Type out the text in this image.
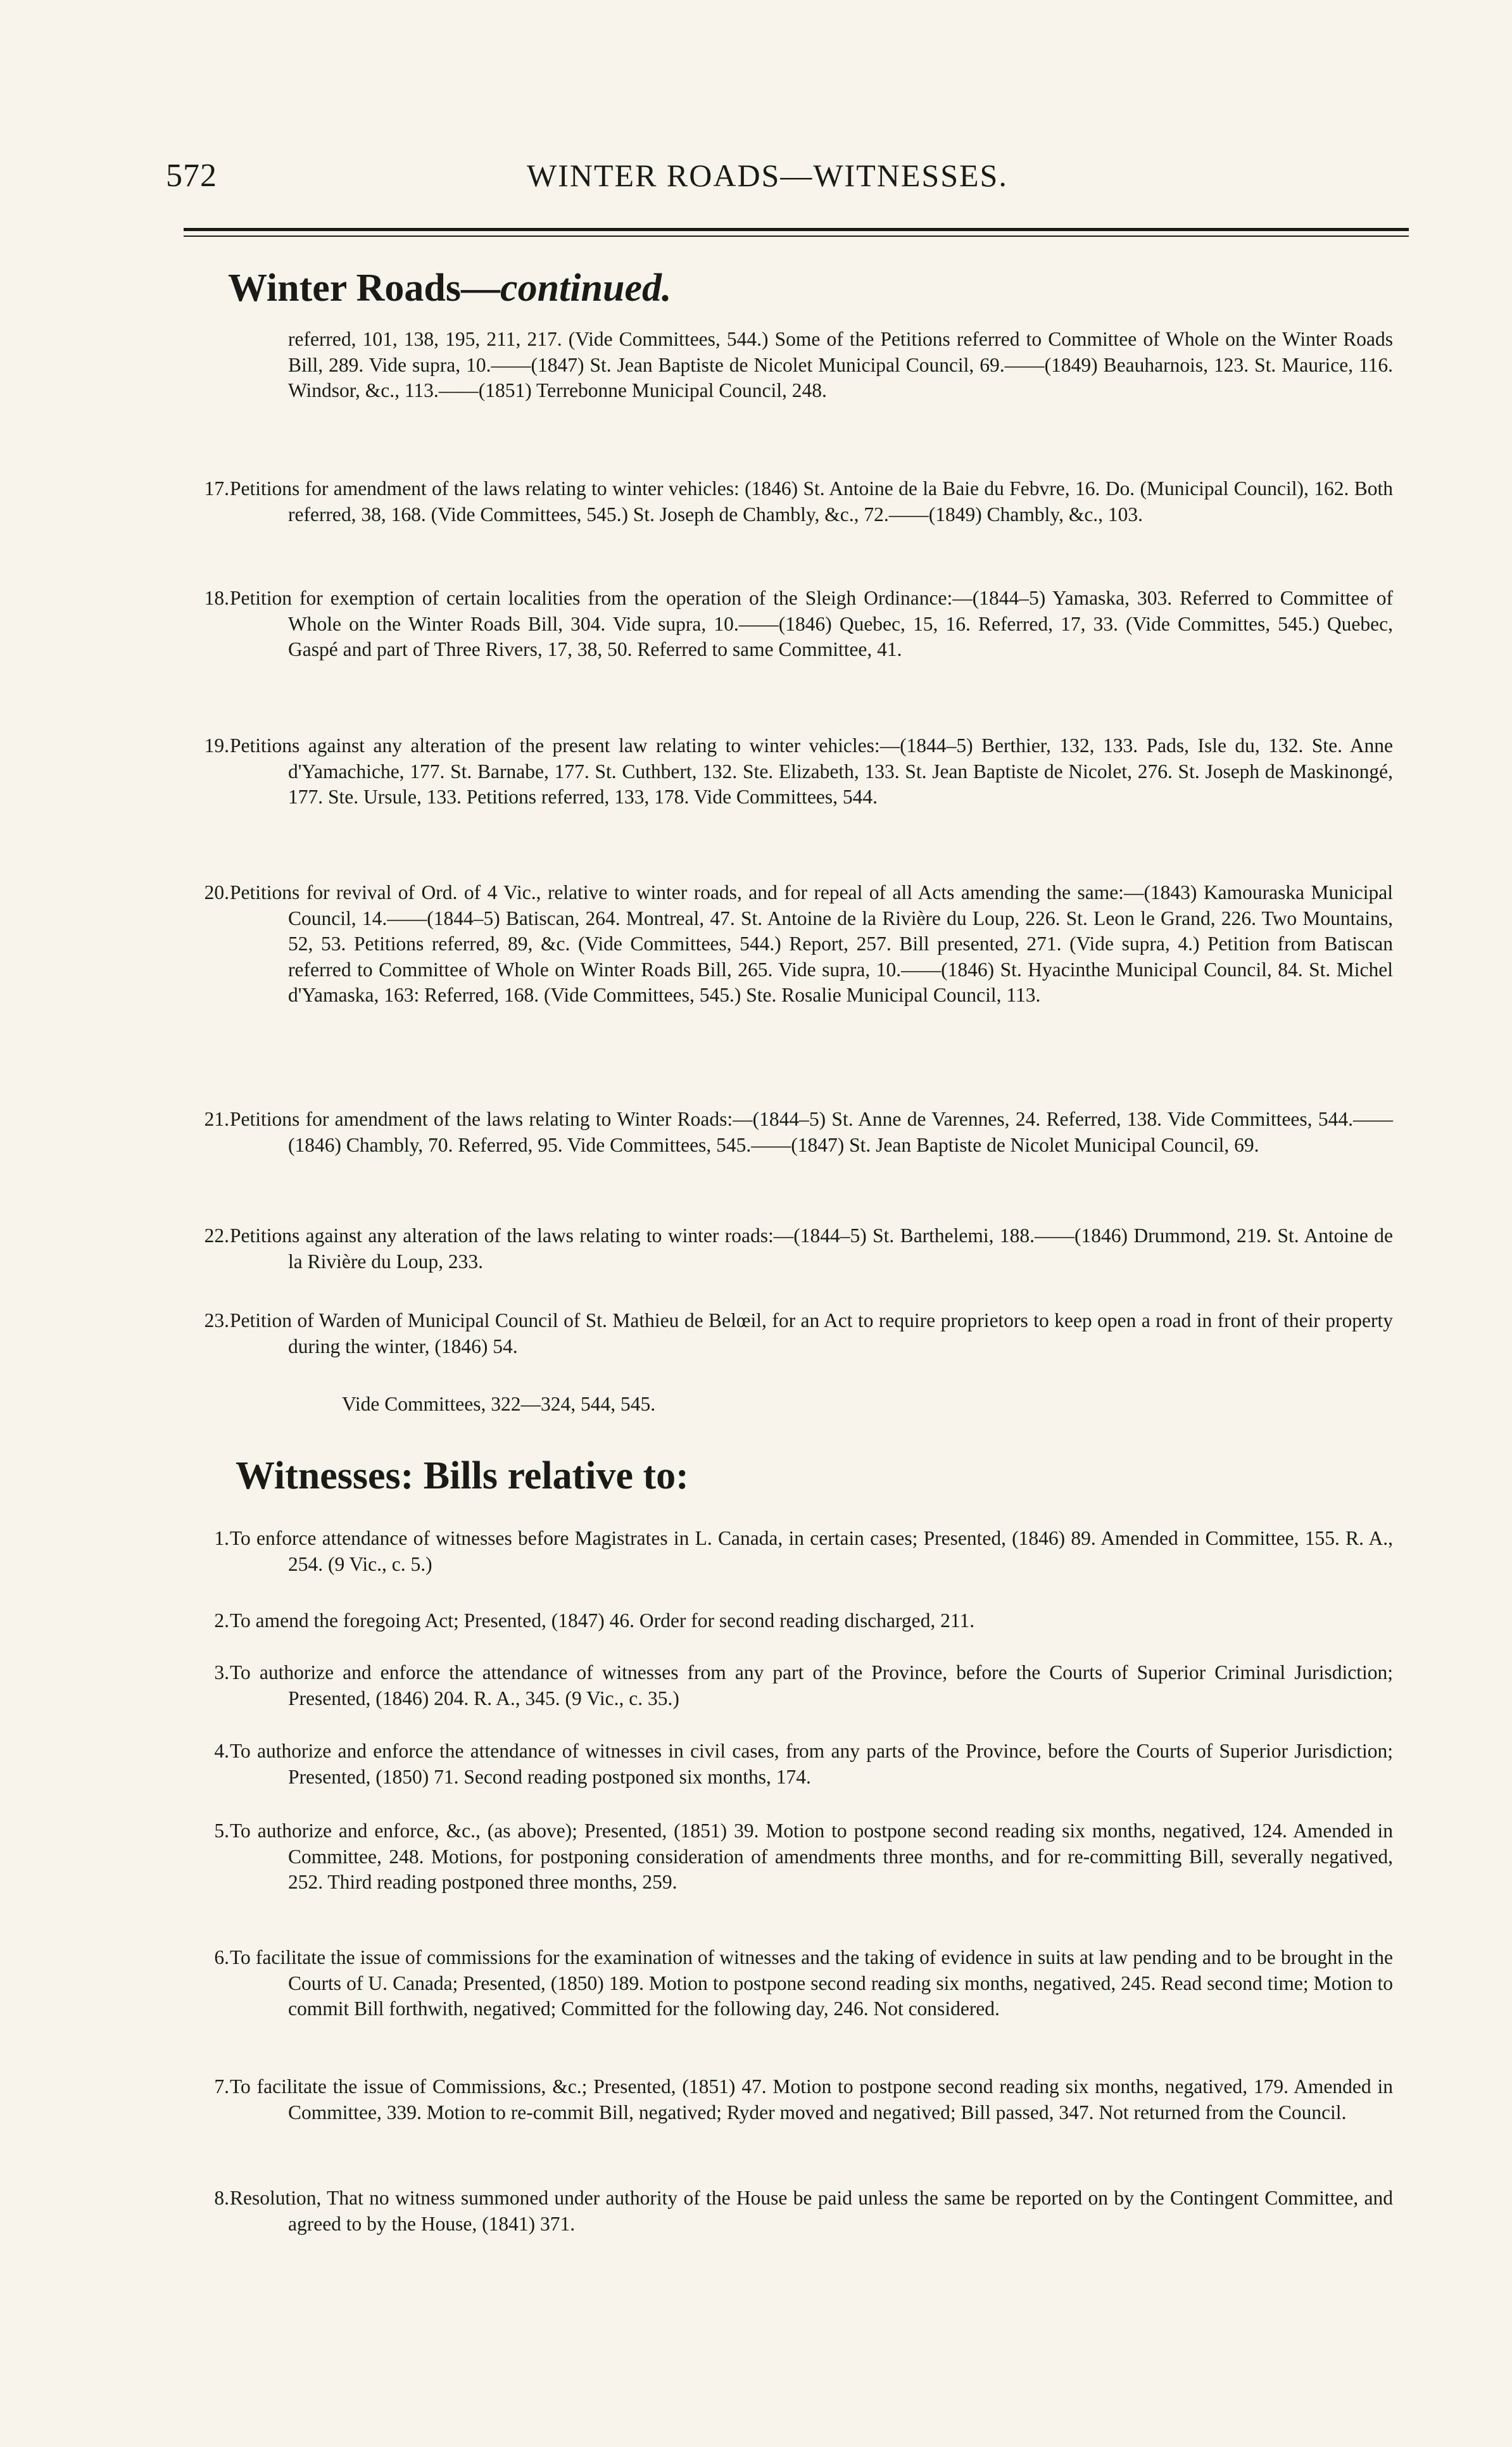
572	WINTER ROADS—WITNESSES.
Winter Roads—continued.
referred, 101, 138, 195, 211, 217. (Vide Committees, 544.) Some of the Petitions referred to Committee of Whole on the Winter Roads Bill, 289. Vide supra, 10.——(1847) St. Jean Baptiste de Nicolet Municipal Council, 69.——(1849) Beauharnois, 123. St. Maurice, 116. Windsor, &c., 113.——(1851) Terrebonne Municipal Council, 248.
17. Petitions for amendment of the laws relating to winter vehicles: (1846) St. Antoine de la Baie du Febvre, 16. Do. (Municipal Council), 162. Both referred, 38, 168. (Vide Committees, 545.) St. Joseph de Chambly, &c., 72.——(1849) Chambly, &c., 103.
18. Petition for exemption of certain localities from the operation of the Sleigh Ordinance:—(1844–5) Yamaska, 303. Referred to Committee of Whole on the Winter Roads Bill, 304. Vide supra, 10.——(1846) Quebec, 15, 16. Referred, 17, 33. (Vide Committes, 545.) Quebec, Gaspé and part of Three Rivers, 17, 38, 50. Referred to same Committee, 41.
19. Petitions against any alteration of the present law relating to winter vehicles:—(1844–5) Berthier, 132, 133. Pads, Isle du, 132. Ste. Anne d'Yamachiche, 177. St. Barnabe, 177. St. Cuthbert, 132. Ste. Elizabeth, 133. St. Jean Baptiste de Nicolet, 276. St. Joseph de Maskinongé, 177. Ste. Ursule, 133. Petitions referred, 133, 178. Vide Committees, 544.
20. Petitions for revival of Ord. of 4 Vic., relative to winter roads, and for repeal of all Acts amending the same:—(1843) Kamouraska Municipal Council, 14.——(1844–5) Batiscan, 264. Montreal, 47. St. Antoine de la Rivière du Loup, 226. St. Leon le Grand, 226. Two Mountains, 52, 53. Petitions referred, 89, &c. (Vide Committees, 544.) Report, 257. Bill presented, 271. (Vide supra, 4.) Petition from Batiscan referred to Committee of Whole on Winter Roads Bill, 265. Vide supra, 10.——(1846) St. Hyacinthe Municipal Council, 84. St. Michel d'Yamaska, 163: Referred, 168. (Vide Committees, 545.) Ste. Rosalie Municipal Council, 113.
21. Petitions for amendment of the laws relating to Winter Roads:—(1844–5) St. Anne de Varennes, 24. Referred, 138. Vide Committees, 544.——(1846) Chambly, 70. Referred, 95. Vide Committees, 545.——(1847) St. Jean Baptiste de Nicolet Municipal Council, 69.
22. Petitions against any alteration of the laws relating to winter roads:—(1844–5) St. Barthelemi, 188.——(1846) Drummond, 219. St. Antoine de la Rivière du Loup, 233.
23. Petition of Warden of Municipal Council of St. Mathieu de Belœil, for an Act to require proprietors to keep open a road in front of their property during the winter, (1846) 54.
Vide Committees, 322—324, 544, 545.
Witnesses: Bills relative to:
1. To enforce attendance of witnesses before Magistrates in L. Canada, in certain cases; Presented, (1846) 89. Amended in Committee, 155. R. A., 254. (9 Vic., c. 5.)
2. To amend the foregoing Act; Presented, (1847) 46. Order for second reading discharged, 211.
3. To authorize and enforce the attendance of witnesses from any part of the Province, before the Courts of Superior Criminal Jurisdiction; Presented, (1846) 204. R. A., 345. (9 Vic., c. 35.)
4. To authorize and enforce the attendance of witnesses in civil cases, from any parts of the Province, before the Courts of Superior Jurisdiction; Presented, (1850) 71. Second reading postponed six months, 174.
5. To authorize and enforce, &c., (as above); Presented, (1851) 39. Motion to postpone second reading six months, negatived, 124. Amended in Committee, 248. Motions, for postponing consideration of amendments three months, and for re-committing Bill, severally negatived, 252. Third reading postponed three months, 259.
6. To facilitate the issue of commissions for the examination of witnesses and the taking of evidence in suits at law pending and to be brought in the Courts of U. Canada; Presented, (1850) 189. Motion to postpone second reading six months, negatived, 245. Read second time; Motion to commit Bill forthwith, negatived; Committed for the following day, 246. Not considered.
7. To facilitate the issue of Commissions, &c.; Presented, (1851) 47. Motion to postpone second reading six months, negatived, 179. Amended in Committee, 339. Motion to re-commit Bill, negatived; Ryder moved and negatived; Bill passed, 347. Not returned from the Council.
8. Resolution, That no witness summoned under authority of the House be paid unless the same be reported on by the Contingent Committee, and agreed to by the House, (1841) 371.
